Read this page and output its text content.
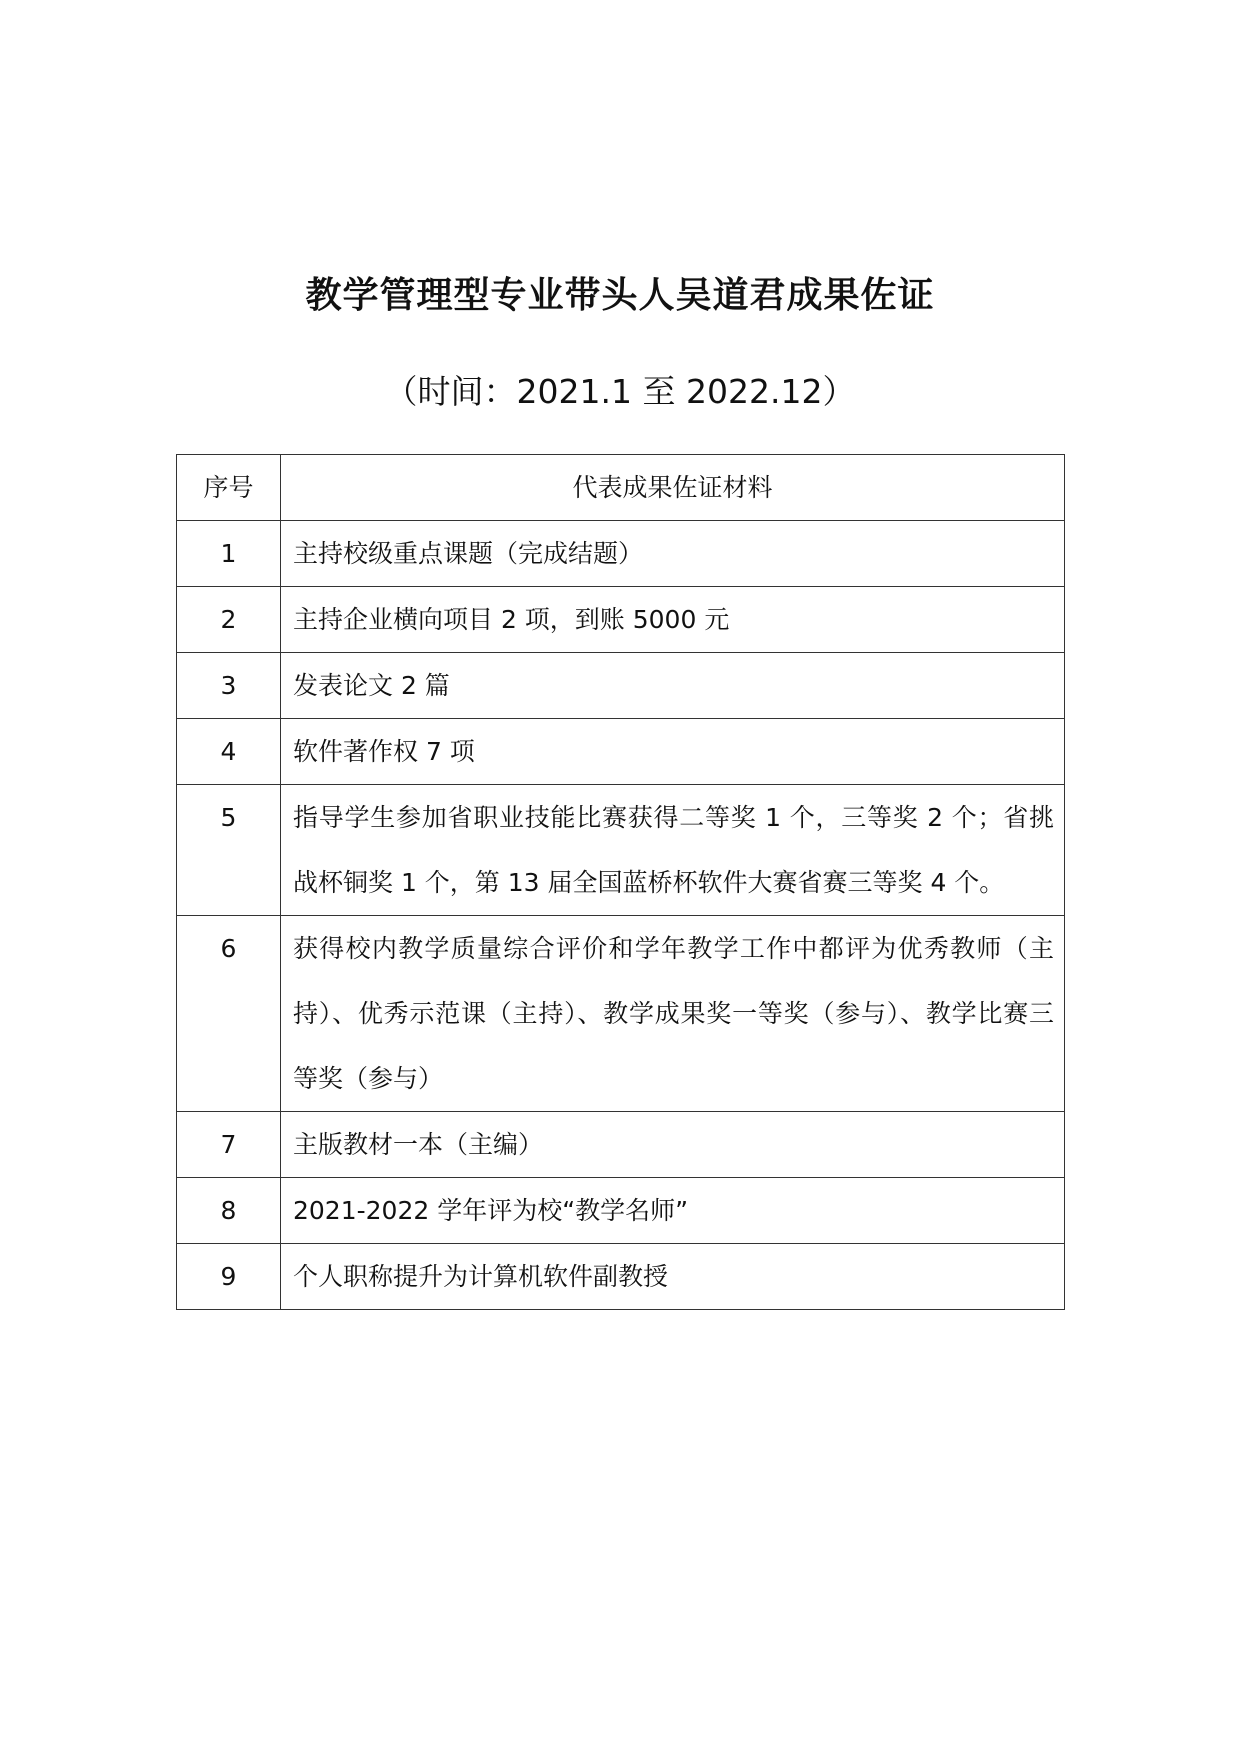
教学管理型专业带头人吴道君成果佐证

（时间：2021.1 至 2022.12）

序号	代表成果佐证材料
1	主持校级重点课题（完成结题）
2	主持企业横向项目 2 项，到账 5000 元
3	发表论文 2 篇
4	软件著作权 7 项
5	指导学生参加省职业技能比赛获得二等奖 1 个，三等奖 2 个；省挑战杯铜奖 1 个，第 13 届全国蓝桥杯软件大赛省赛三等奖 4 个。
6	获得校内教学质量综合评价和学年教学工作中都评为优秀教师（主持）、优秀示范课（主持）、教学成果奖一等奖（参与）、教学比赛三等奖（参与）
7	主版教材一本（主编）
8	2021-2022 学年评为校“教学名师”
9	个人职称提升为计算机软件副教授
